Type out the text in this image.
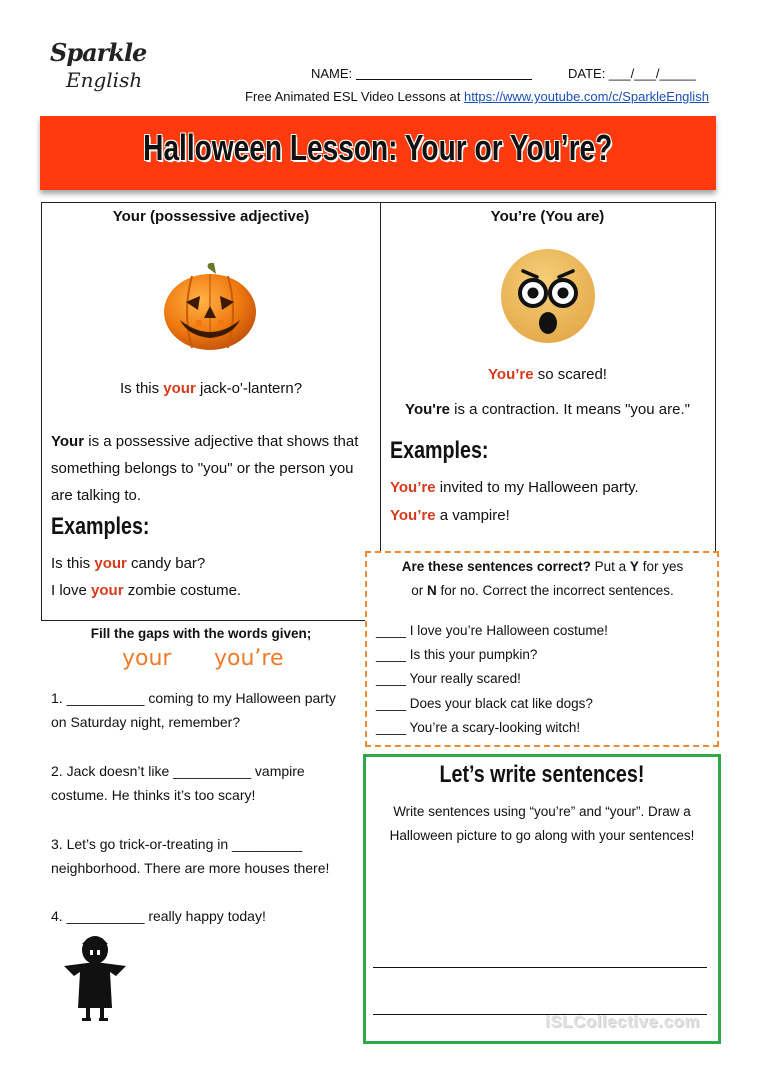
Sparkle
English	NAME:	DATE: ___/___/_____
Free Animated ESL Video Lessons at https://www.youtube.com/c/SparkleEnglish
Halloween Lesson: Your or You’re?
Your (possessive adjective)
Is this your jack-o'-lantern?
Your is a possessive adjective that shows that
something belongs to "you" or the person you
are talking to.
Examples:
Is this your candy bar?
I love your zombie costume.
You’re (You are)
You’re so scared!
You're is a contraction. It means "you are."
Examples:
You’re invited to my Halloween party.
You’re a vampire!
Are these sentences correct? Put a Y for yes
or N for no. Correct the incorrect sentences.
____ I love you’re Halloween costume!
____ Is this your pumpkin?
____ Your really scared!
____ Does your black cat like dogs?
____ You’re a scary-looking witch!
Fill the gaps with the words given;
your you’re
1. __________ coming to my Halloween party
on Saturday night, remember?
2. Jack doesn’t like __________ vampire
costume. He thinks it’s too scary!
3. Let’s go trick-or-treating in _________
neighborhood. There are more houses there!
4. __________ really happy today!
Let’s write sentences!
Write sentences using “you’re” and “your”. Draw a
Halloween picture to go along with your sentences!
iSLCollective.com
